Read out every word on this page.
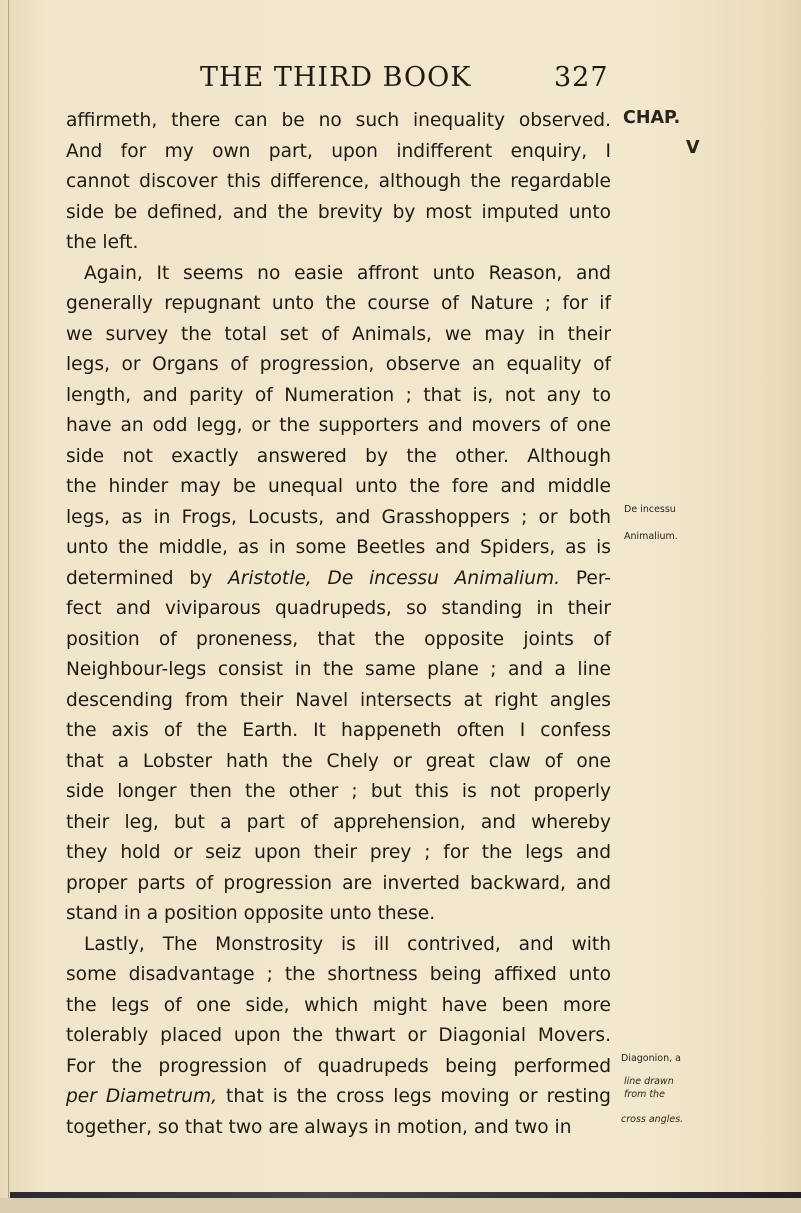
THE THIRD BOOK	327
affirmeth, there can be no such inequality observed.
And for my own part, upon indifferent enquiry, I
cannot discover this difference, although the regardable
side be defined, and the brevity by most imputed unto
the left.
Again, It seems no easie affront unto Reason, and
generally repugnant unto the course of Nature ; for if
we survey the total set of Animals, we may in their
legs, or Organs of progression, observe an equality of
length, and parity of Numeration ; that is, not any to
have an odd legg, or the supporters and movers of one
side not exactly answered by the other. Although
the hinder may be unequal unto the fore and middle
legs, as in Frogs, Locusts, and Grasshoppers ; or both
unto the middle, as in some Beetles and Spiders, as is
determined by Aristotle, De incessu Animalium. Per-
fect and viviparous quadrupeds, so standing in their
position of proneness, that the opposite joints of
Neighbour-legs consist in the same plane ; and a line
descending from their Navel intersects at right angles
the axis of the Earth. It happeneth often I confess
that a Lobster hath the Chely or great claw of one
side longer then the other ; but this is not properly
their leg, but a part of apprehension, and whereby
they hold or seiz upon their prey ; for the legs and
proper parts of progression are inverted backward, and
stand in a position opposite unto these.
Lastly, The Monstrosity is ill contrived, and with
some disadvantage ; the shortness being affixed unto
the legs of one side, which might have been more
tolerably placed upon the thwart or Diagonial Movers.
For the progression of quadrupeds being performed
per Diametrum, that is the cross legs moving or resting
together, so that two are always in motion, and two in
CHAP.
V
De incessu
Animalium.
Diagonion, a
line drawn
from the
cross angles.
